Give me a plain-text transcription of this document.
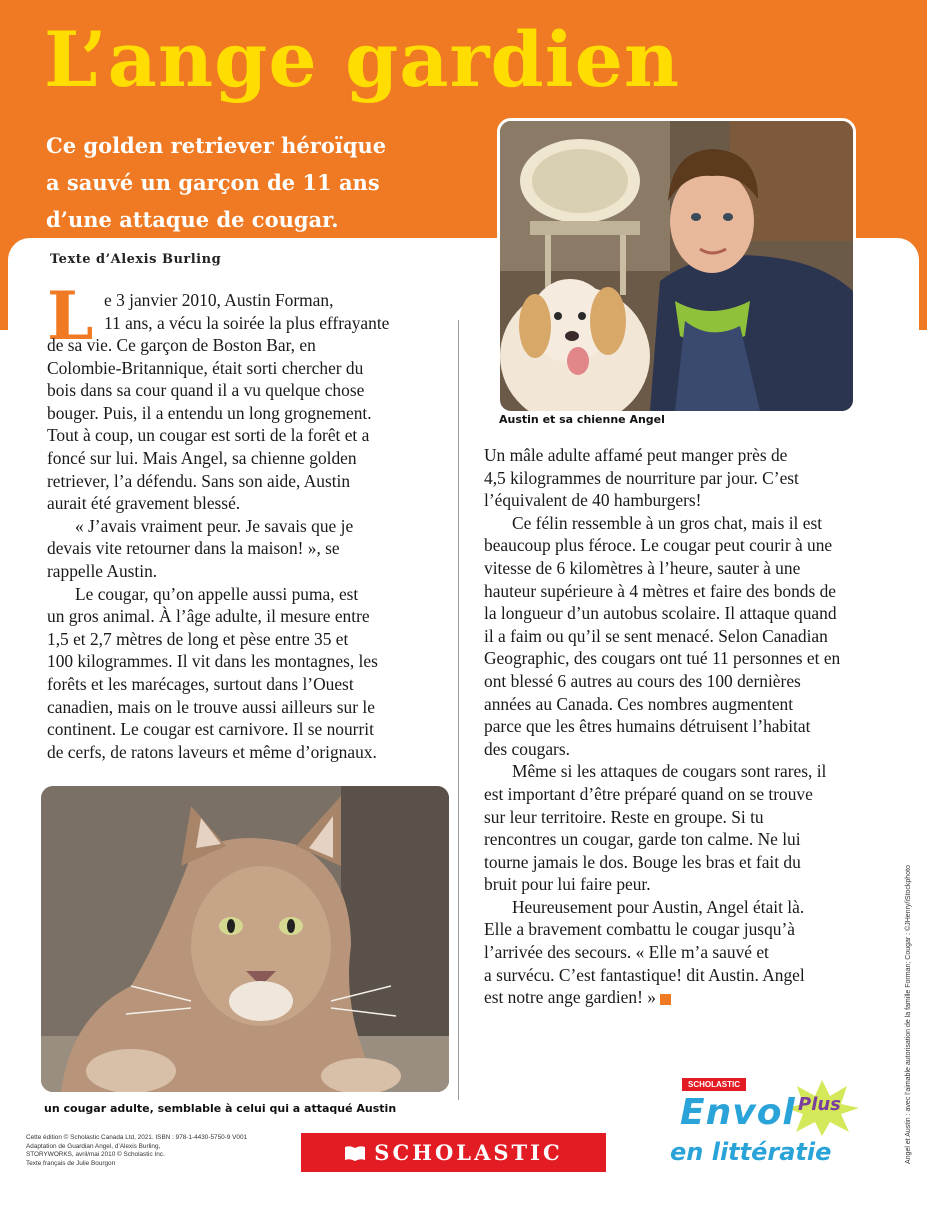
L’ange gardien
Ce golden retriever héroïque
a sauvé un garçon de 11 ans
d’une attaque de cougar.
Austin et sa chienne Angel
Texte d’Alexis Burling
L e 3 janvier 2010, Austin Forman,
11 ans, a vécu la soirée la plus effrayante
de sa vie. Ce garçon de Boston Bar, en
Colombie-Britannique, était sorti chercher du
bois dans sa cour quand il a vu quelque chose
bouger. Puis, il a entendu un long grognement.
Tout à coup, un cougar est sorti de la forêt et a
foncé sur lui. Mais Angel, sa chienne golden
retriever, l’a défendu. Sans son aide, Austin
aurait été gravement blessé.
« J’avais vraiment peur. Je savais que je
devais vite retourner dans la maison! », se
rappelle Austin.
Le cougar, qu’on appelle aussi puma, est
un gros animal. À l’âge adulte, il mesure entre
1,5 et 2,7 mètres de long et pèse entre 35 et
100 kilogrammes. Il vit dans les montagnes, les
forêts et les marécages, surtout dans l’Ouest
canadien, mais on le trouve aussi ailleurs sur le
continent. Le cougar est carnivore. Il se nourrit
de cerfs, de ratons laveurs et même d’orignaux.
Un mâle adulte affamé peut manger près de
4,5 kilogrammes de nourriture par jour. C’est
l’équivalent de 40 hamburgers!
Ce félin ressemble à un gros chat, mais il est
beaucoup plus féroce. Le cougar peut courir à une
vitesse de 6 kilomètres à l’heure, sauter à une
hauteur supérieure à 4 mètres et faire des bonds de
la longueur d’un autobus scolaire. Il attaque quand
il a faim ou qu’il se sent menacé. Selon Canadian
Geographic, des cougars ont tué 11 personnes et en
ont blessé 6 autres au cours des 100 dernières
années au Canada. Ces nombres augmentent
parce que les êtres humains détruisent l’habitat
des cougars.
Même si les attaques de cougars sont rares, il
est important d’être préparé quand on se trouve
sur leur territoire. Reste en groupe. Si tu
rencontres un cougar, garde ton calme. Ne lui
tourne jamais le dos. Bouge les bras et fait du
bruit pour lui faire peur.
Heureusement pour Austin, Angel était là.
Elle a bravement combattu le cougar jusqu’à
l’arrivée des secours. « Elle m’a sauvé et
a survécu. C’est fantastique! dit Austin. Angel
est notre ange gardien! »
un cougar adulte, semblable à celui qui a attaqué Austin
Cette édition © Scholastic Canada Ltd, 2021. ISBN : 978-1-4430-5750-9 V001
Adaptation de Guardian Angel, d’Alexis Burling,
STORYWORKS, avril/mai 2010 © Scholastic Inc.
Texte français de Julie Bourgon	SCHOLASTIC
SCHOLASTIC
Plus
Envol
en littératie	Angel et Austin : avec l’aimable autorisation de la famille Forman; Cougar : ©JHenry/iStockphoto
